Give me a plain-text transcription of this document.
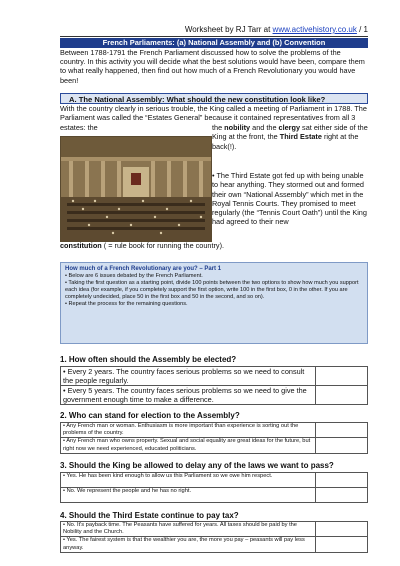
Worksheet by RJ Tarr at www.activehistory.co.uk / 1
French Parliaments: (a) National Assembly and (b) Convention
Between 1788-1791 the French Parliament discussed how to solve the problems of the country. In this activity you will decide what the best solutions would have been, compare them to what really happened, then find out how much of a French Revolutionary you would have been!
A. The National Assembly: What should the new constitution look like?
With the country clearly in serious trouble, the King called a meeting of Parliament in 1788. The Parliament was called the “Estates General” because it contained representatives from all 3 estates: the	the nobility and the clergy sat either side of the King at the front, the Third Estate right at the back(!).
• The Third Estate got fed up with being unable to hear anything. They stormed out and formed their own “National Assembly” which met in the Royal Tennis Courts. They promised to meet regularly (the “Tennis Court Oath”) until the King had agreed to their new
constitution ( = rule book for running the country).
How much of a French Revolutionary are you? – Part 1
• Below are 6 issues debated by the French Parliament.
• Taking the first question as a starting point, divide 100 points between the two options to show how much you support each idea (for example, if you completely support the first option, write 100 in the first box, 0 in the other. If you are completely undecided, place 50 in the first box and 50 in the second, and so on).
• Repeat the process for the remaining questions.
1. How often should the Assembly be elected?
• Every 2 years. The country faces serious problems so we need to consult the people regularly.	
• Every 5 years. The country faces serious problems so we need to give the government enough time to make a difference.	
2. Who can stand for election to the Assembly?
• Any French man or woman. Enthusiasm is more important than experience is sorting out the problems of the country.	
• Any French man who owns property. Sexual and social equality are great ideas for the future, but right now we need experienced, educated politicians.	
3. Should the King be allowed to delay any of the laws we want to pass?
• Yes. He has been kind enough to allow us this Parliament so we owe him respect.	
• No. We represent the people and he has no right.	
4. Should the Third Estate continue to pay tax?
• No. It's payback time. The Peasants have suffered for years. All taxes should be paid by the Nobility and the Church.	
• Yes. The fairest system is that the wealthier you are, the more you pay – peasants will pay less anyway.	
